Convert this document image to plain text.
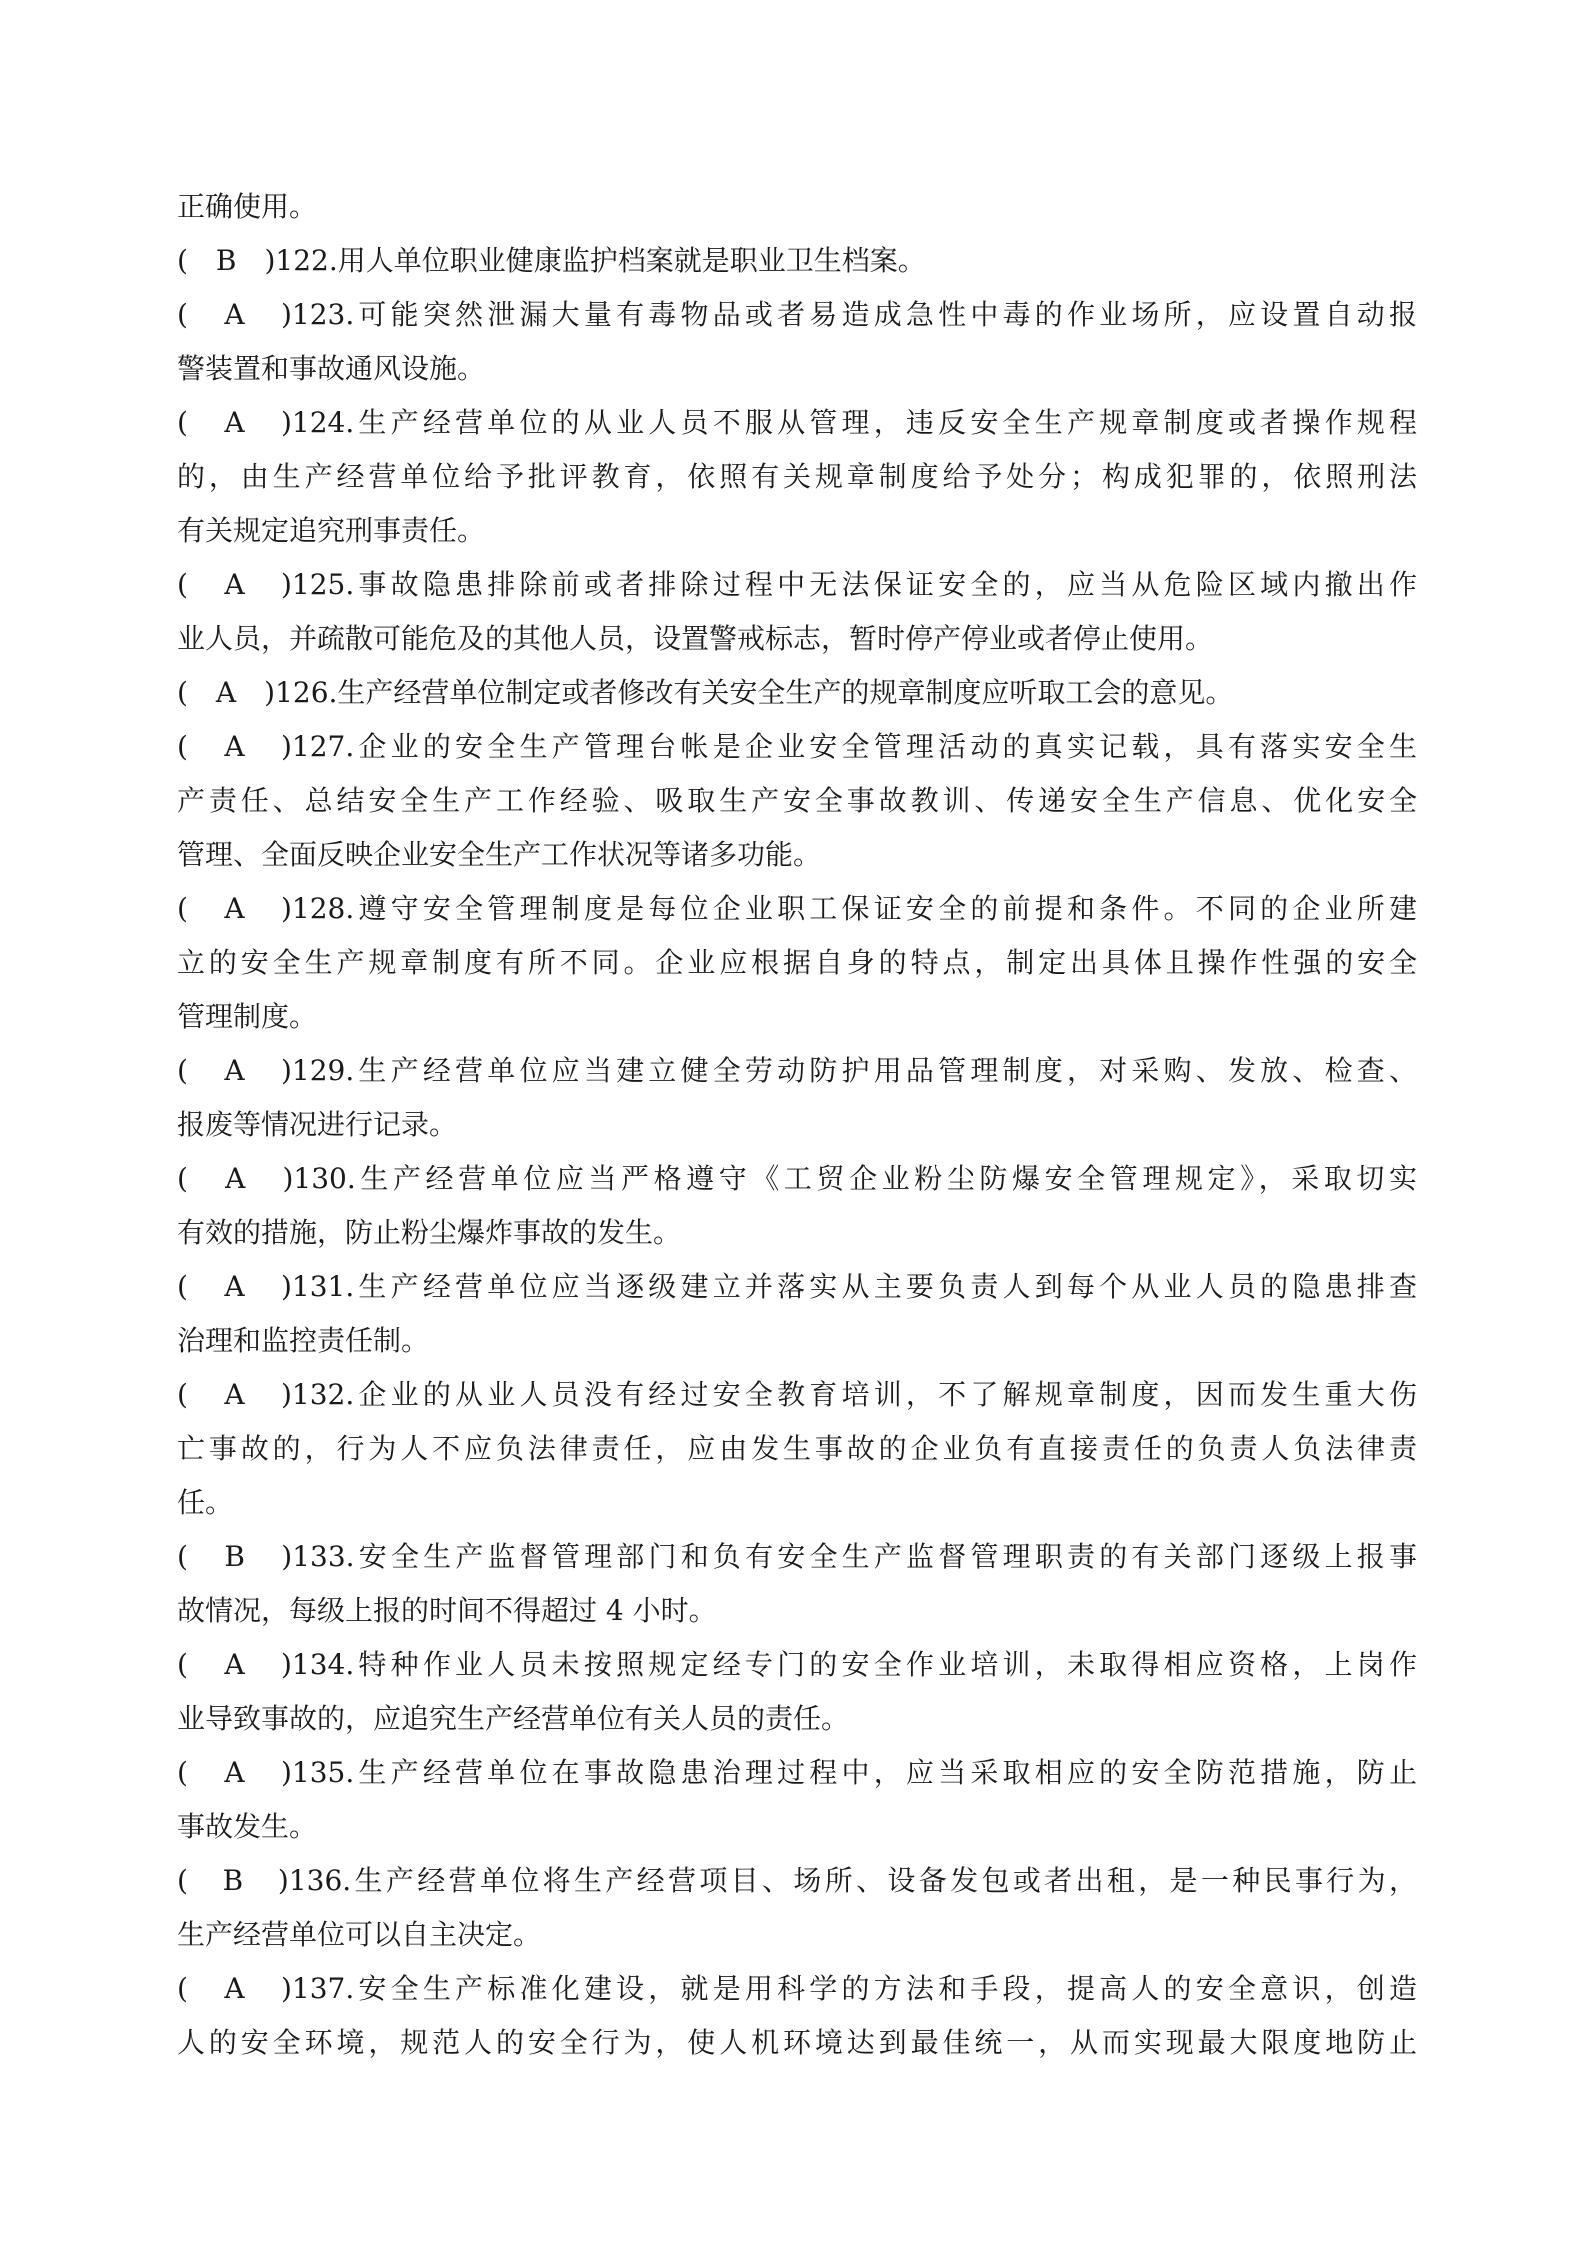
正确使用。
(　B　)122.用人单位职业健康监护档案就是职业卫生档案。
(　A　)123.可能突然泄漏大量有毒物品或者易造成急性中毒的作业场所，应设置自动报
警装置和事故通风设施。
(　A　)124.生产经营单位的从业人员不服从管理，违反安全生产规章制度或者操作规程
的，由生产经营单位给予批评教育，依照有关规章制度给予处分；构成犯罪的，依照刑法
有关规定追究刑事责任。
(　A　)125.事故隐患排除前或者排除过程中无法保证安全的，应当从危险区域内撤出作
业人员，并疏散可能危及的其他人员，设置警戒标志，暂时停产停业或者停止使用。
(　A　)126.生产经营单位制定或者修改有关安全生产的规章制度应听取工会的意见。
(　A　)127.企业的安全生产管理台帐是企业安全管理活动的真实记载，具有落实安全生
产责任、总结安全生产工作经验、吸取生产安全事故教训、传递安全生产信息、优化安全
管理、全面反映企业安全生产工作状况等诸多功能。
(　A　)128.遵守安全管理制度是每位企业职工保证安全的前提和条件。不同的企业所建
立的安全生产规章制度有所不同。企业应根据自身的特点，制定出具体且操作性强的安全
管理制度。
(　A　)129.生产经营单位应当建立健全劳动防护用品管理制度，对采购、发放、检查、
报废等情况进行记录。
(　A　)130.生产经营单位应当严格遵守《工贸企业粉尘防爆安全管理规定》，采取切实
有效的措施，防止粉尘爆炸事故的发生。
(　A　)131.生产经营单位应当逐级建立并落实从主要负责人到每个从业人员的隐患排查
治理和监控责任制。
(　A　)132.企业的从业人员没有经过安全教育培训，不了解规章制度，因而发生重大伤
亡事故的，行为人不应负法律责任，应由发生事故的企业负有直接责任的负责人负法律责
任。
(　B　)133.安全生产监督管理部门和负有安全生产监督管理职责的有关部门逐级上报事
故情况，每级上报的时间不得超过 4 小时。
(　A　)134.特种作业人员未按照规定经专门的安全作业培训，未取得相应资格，上岗作
业导致事故的，应追究生产经营单位有关人员的责任。
(　A　)135.生产经营单位在事故隐患治理过程中，应当采取相应的安全防范措施，防止
事故发生。
(　B　)136.生产经营单位将生产经营项目、场所、设备发包或者出租，是一种民事行为，
生产经营单位可以自主决定。
(　A　)137.安全生产标准化建设，就是用科学的方法和手段，提高人的安全意识，创造
人的安全环境，规范人的安全行为，使人机环境达到最佳统一，从而实现最大限度地防止
